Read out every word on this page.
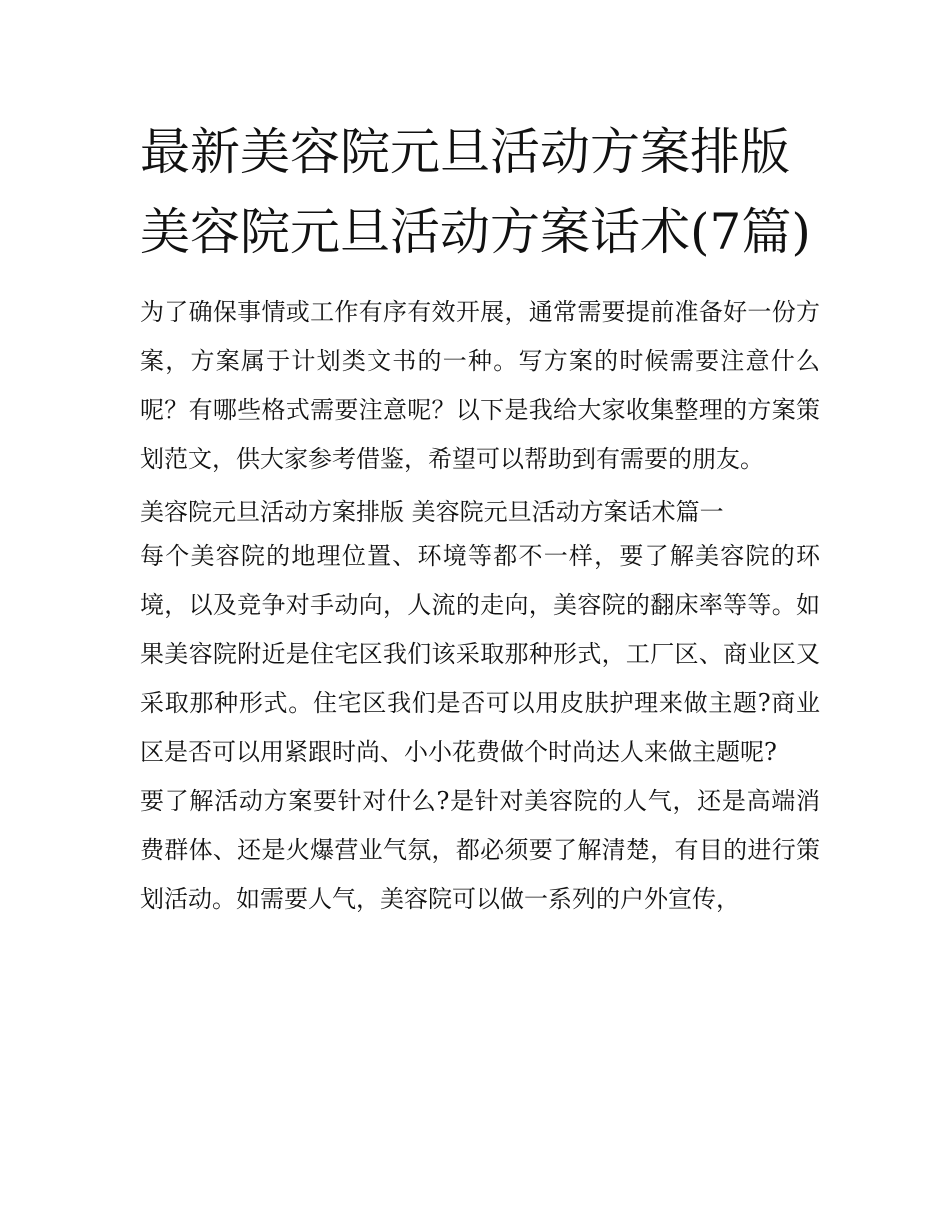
最新美容院元旦活动方案排版美容院元旦活动方案话术(7篇)

为了确保事情或工作有序有效开展，通常需要提前准备好一份方案，方案属于计划类文书的一种。写方案的时候需要注意什么呢？有哪些格式需要注意呢？以下是我给大家收集整理的方案策划范文，供大家参考借鉴，希望可以帮助到有需要的朋友。

美容院元旦活动方案排版 美容院元旦活动方案话术篇一

每个美容院的地理位置、环境等都不一样，要了解美容院的环境，以及竞争对手动向，人流的走向，美容院的翻床率等等。如果美容院附近是住宅区我们该采取那种形式，工厂区、商业区又采取那种形式。住宅区我们是否可以用皮肤护理来做主题?商业区是否可以用紧跟时尚、小小花费做个时尚达人来做主题呢?

要了解活动方案要针对什么?是针对美容院的人气，还是高端消费群体、还是火爆营业气氛，都必须要了解清楚，有目的进行策划活动。如需要人气，美容院可以做一系列的户外宣传，
